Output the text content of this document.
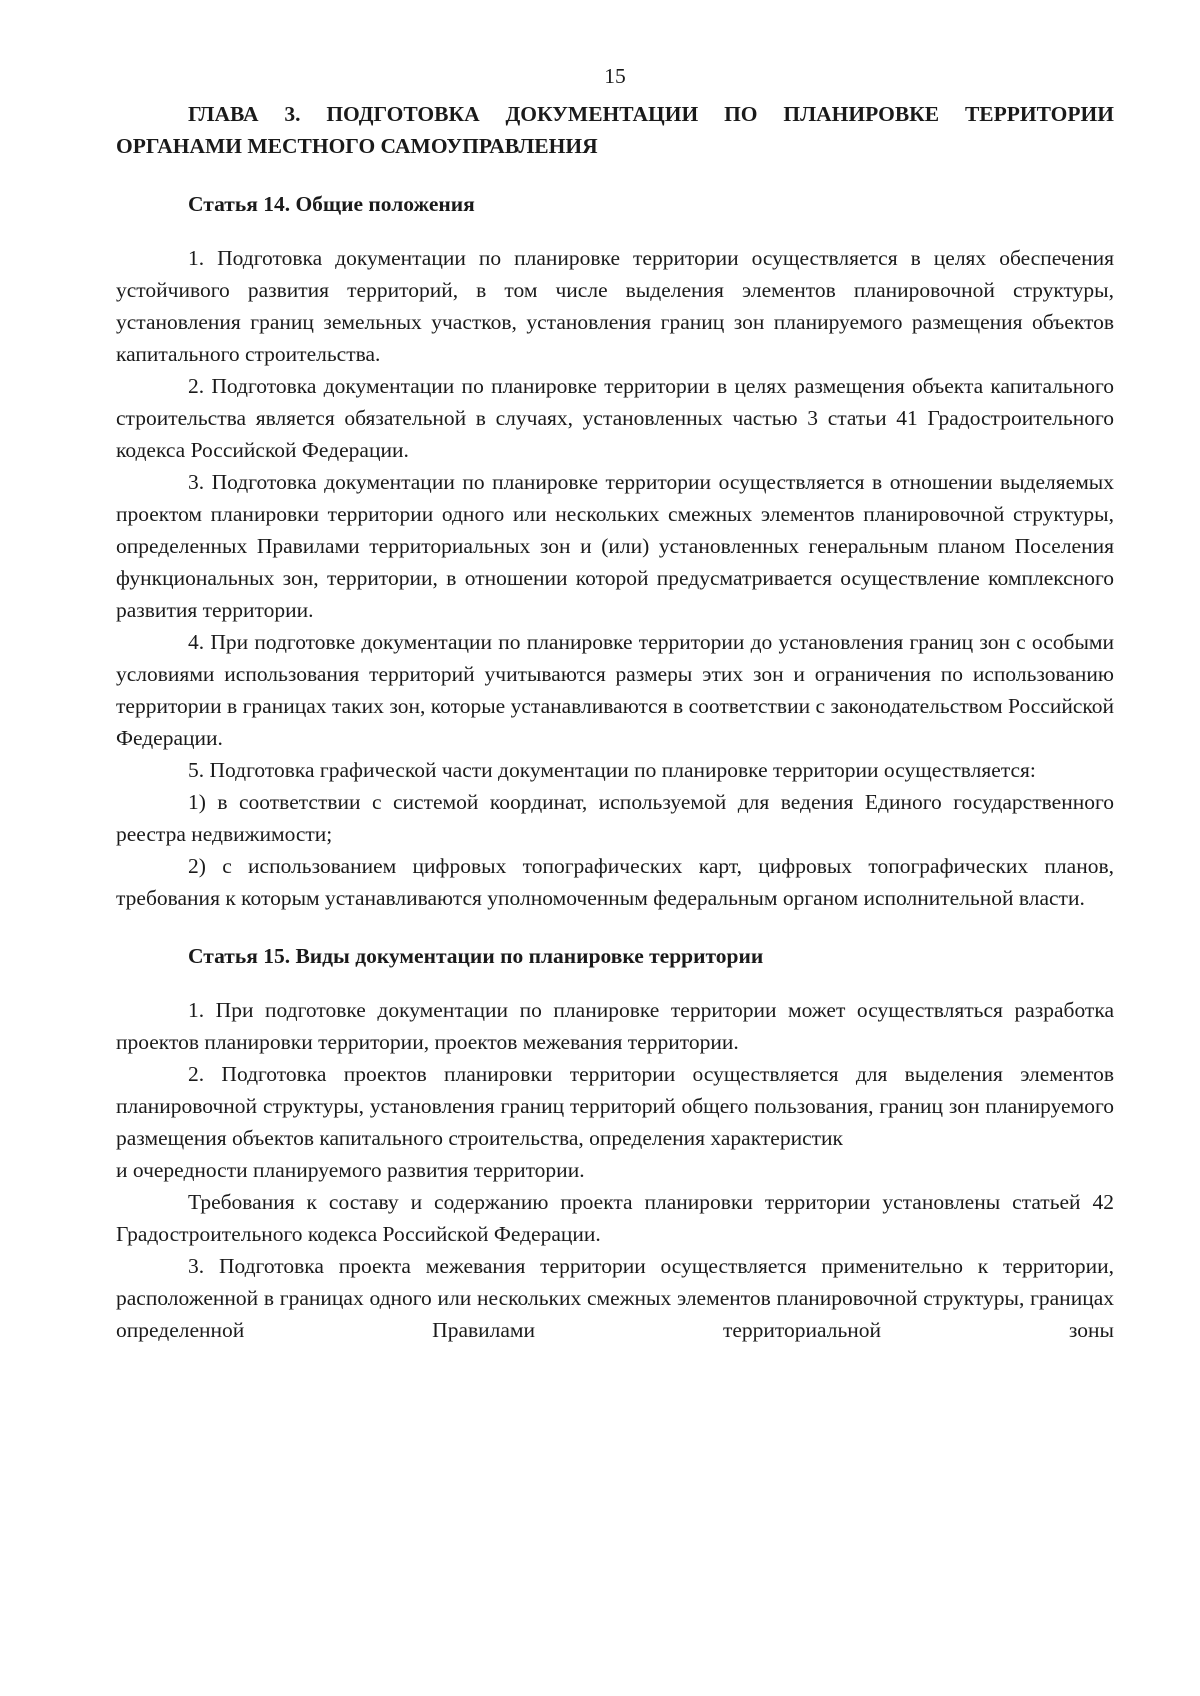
15
ГЛАВА 3. ПОДГОТОВКА ДОКУМЕНТАЦИИ ПО ПЛАНИРОВКЕ ТЕРРИТОРИИ ОРГАНАМИ МЕСТНОГО САМОУПРАВЛЕНИЯ
Статья 14. Общие положения

1. Подготовка документации по планировке территории осуществляется в целях обеспечения устойчивого развития территорий, в том числе выделения элементов планировочной структуры, установления границ земельных участков, установления границ зон планируемого размещения объектов капитального строительства.

2. Подготовка документации по планировке территории в целях размещения объекта капитального строительства является обязательной в случаях, установленных частью 3 статьи 41 Градостроительного кодекса Российской Федерации.

3. Подготовка документации по планировке территории осуществляется в отношении выделяемых проектом планировки территории одного или нескольких смежных элементов планировочной структуры, определенных Правилами территориальных зон и (или) установленных генеральным планом Поселения функциональных зон, территории, в отношении которой предусматривается осуществление комплексного развития территории.

4. При подготовке документации по планировке территории до установления границ зон с особыми условиями использования территорий учитываются размеры этих зон и ограничения по использованию территории в границах таких зон, которые устанавливаются в соответствии с законодательством Российской Федерации.

5. Подготовка графической части документации по планировке территории осуществляется:

1) в соответствии с системой координат, используемой для ведения Единого государственного реестра недвижимости;

2) с использованием цифровых топографических карт, цифровых топографических планов, требования к которым устанавливаются уполномоченным федеральным органом исполнительной власти.

Статья 15. Виды документации по планировке территории

1. При подготовке документации по планировке территории может осуществляться разработка проектов планировки территории, проектов межевания территории.

2. Подготовка проектов планировки территории осуществляется для выделения элементов планировочной структуры, установления границ территорий общего пользования, границ зон планируемого размещения объектов капитального строительства, определения характеристик

и очередности планируемого развития территории.

Требования к составу и содержанию проекта планировки территории установлены статьей 42 Градостроительного кодекса Российской Федерации.

3. Подготовка проекта межевания территории осуществляется применительно к территории, расположенной в границах одного или нескольких смежных элементов планировочной структуры, границах определенной Правилами территориальной зоны
